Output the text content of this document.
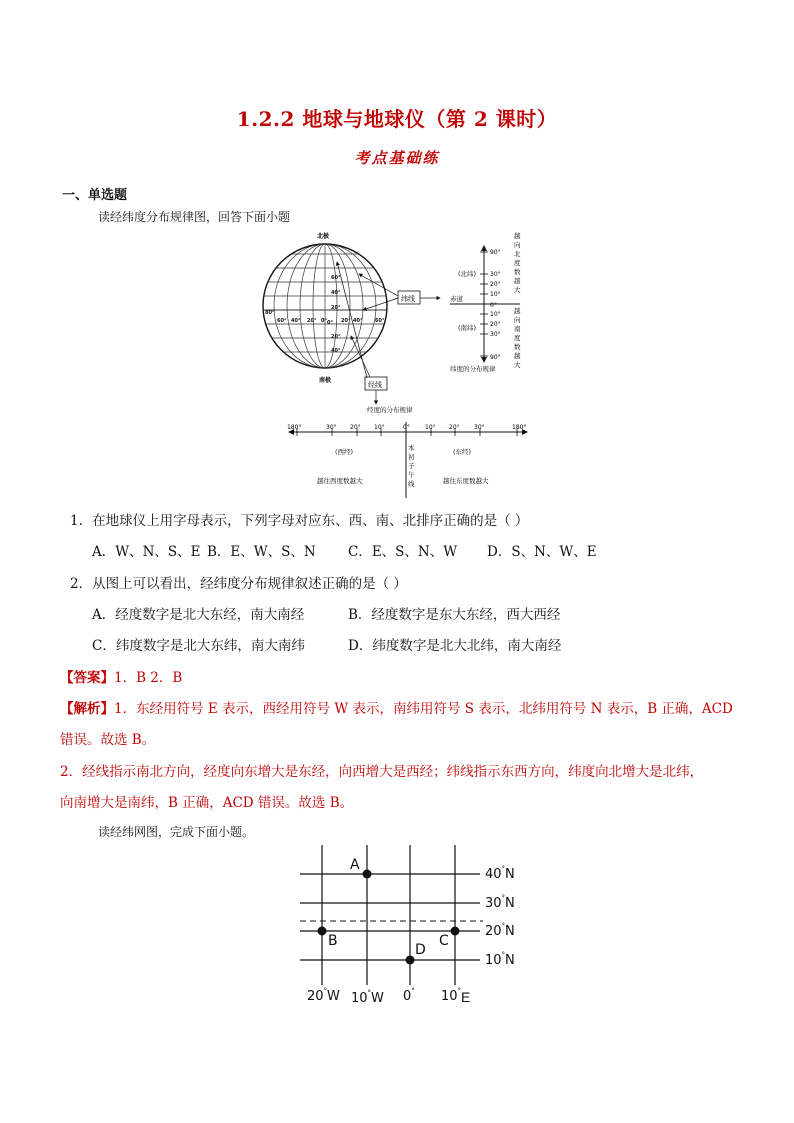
1.2.2 地球与地球仪（第 2 课时）
考点基础练
一、单选题
读经纬度分布规律图，回答下面小题
北极
南极
60°
40°
20°
0°
20°
40°
80°
60° 40° 20° 0°	20° 40°	60°
纬线
经线
经度的分布规律
90°
30°
20°
10°
0°
10°
20°
30°
90°
(北纬)
(南纬)
赤道
纬度的分布规律
越
向
北
度
数
越
大
越
向
南
度
数
越
大
180°	30° 20° 10°	0°	10° 20° 30°	180°
(西经)	(东经)
越往西度数越大	越往东度数越大
本
初
子
午
线
1．在地球仪上用字母表示，下列字母对应东、西、南、北排序正确的是（ ）
A．W、N、S、E B．E、W、S、N C．E、S、N、W D．S、N、W、E
2．从图上可以看出，经纬度分布规律叙述正确的是（ ）
A．经度数字是北大东经，南大南经	B．经度数字是东大东经，西大西经
C．纬度数字是北大东纬，南大南纬	D．纬度数字是北大北纬，南大南经
【答案】1．B 2．B
【解析】1．东经用符号 E 表示，西经用符号 W 表示，南纬用符号 S 表示，北纬用符号 N 表示，B 正确，ACD
错误。故选 B。
2．经线指示南北方向，经度向东增大是东经，向西增大是西经；纬线指示东西方向，纬度向北增大是北纬，
向南增大是南纬，B 正确，ACD 错误。故选 B。
读经纬网图，完成下面小题。
A
B	C
D
40°N
30°N
20°N
10°N
20°W 10°W 0° 10°E
